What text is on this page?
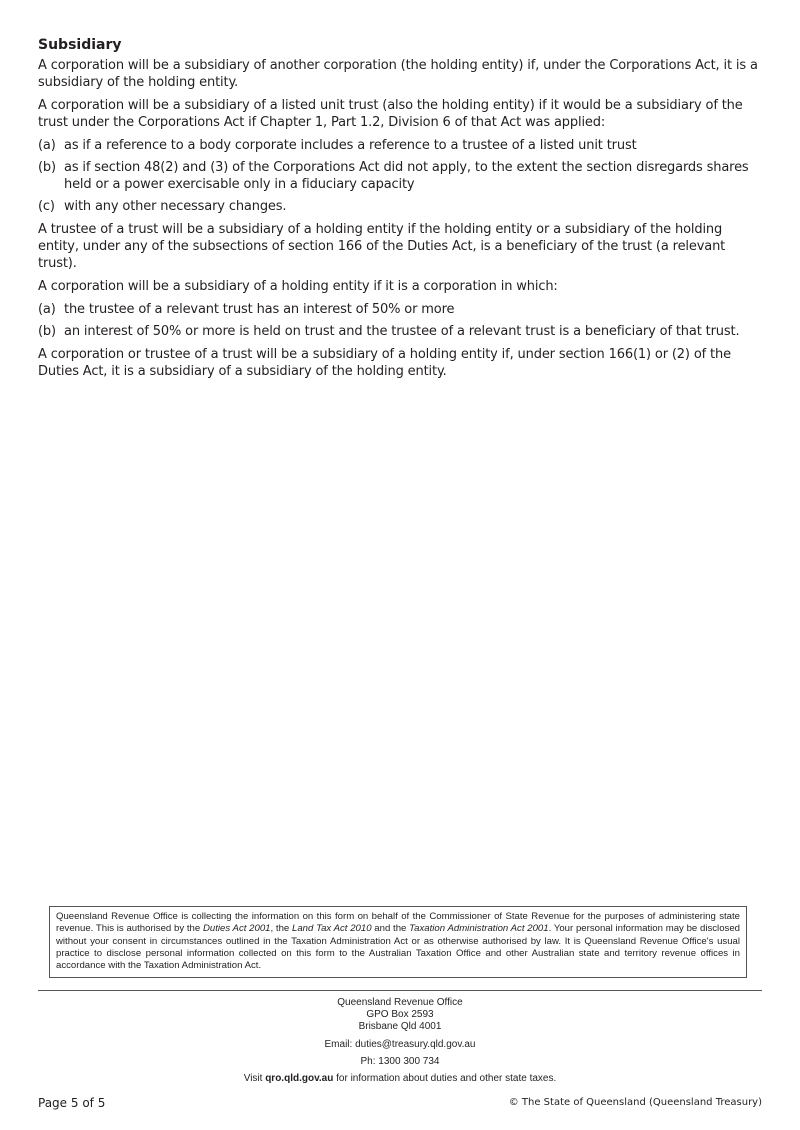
Subsidiary

A corporation will be a subsidiary of another corporation (the holding entity) if, under the Corporations Act, it is a subsidiary of the holding entity.

A corporation will be a subsidiary of a listed unit trust (also the holding entity) if it would be a subsidiary of the trust under the Corporations Act if Chapter 1, Part 1.2, Division 6 of that Act was applied:

(a) as if a reference to a body corporate includes a reference to a trustee of a listed unit trust
(b) as if section 48(2) and (3) of the Corporations Act did not apply, to the extent the section disregards shares held or a power exercisable only in a fiduciary capacity
(c) with any other necessary changes.

A trustee of a trust will be a subsidiary of a holding entity if the holding entity or a subsidiary of the holding entity, under any of the subsections of section 166 of the Duties Act, is a beneficiary of the trust (a relevant trust).

A corporation will be a subsidiary of a holding entity if it is a corporation in which:

(a) the trustee of a relevant trust has an interest of 50% or more
(b) an interest of 50% or more is held on trust and the trustee of a relevant trust is a beneficiary of that trust.

A corporation or trustee of a trust will be a subsidiary of a holding entity if, under section 166(1) or (2) of the Duties Act, it is a subsidiary of a subsidiary of the holding entity.

Queensland Revenue Office is collecting the information on this form on behalf of the Commissioner of State Revenue for the purposes of administering state revenue. This is authorised by the Duties Act 2001, the Land Tax Act 2010 and the Taxation Administration Act 2001. Your personal information may be disclosed without your consent in circumstances outlined in the Taxation Administration Act or as otherwise authorised by law. It is Queensland Revenue Office's usual practice to disclose personal information collected on this form to the Australian Taxation Office and other Australian state and territory revenue offices in accordance with the Taxation Administration Act.
Queensland Revenue Office
GPO Box 2593
Brisbane Qld 4001
Email: duties@treasury.qld.gov.au
Ph: 1300 300 734
Visit qro.qld.gov.au for information about duties and other state taxes.
Page 5 of 5	© The State of Queensland (Queensland Treasury)
